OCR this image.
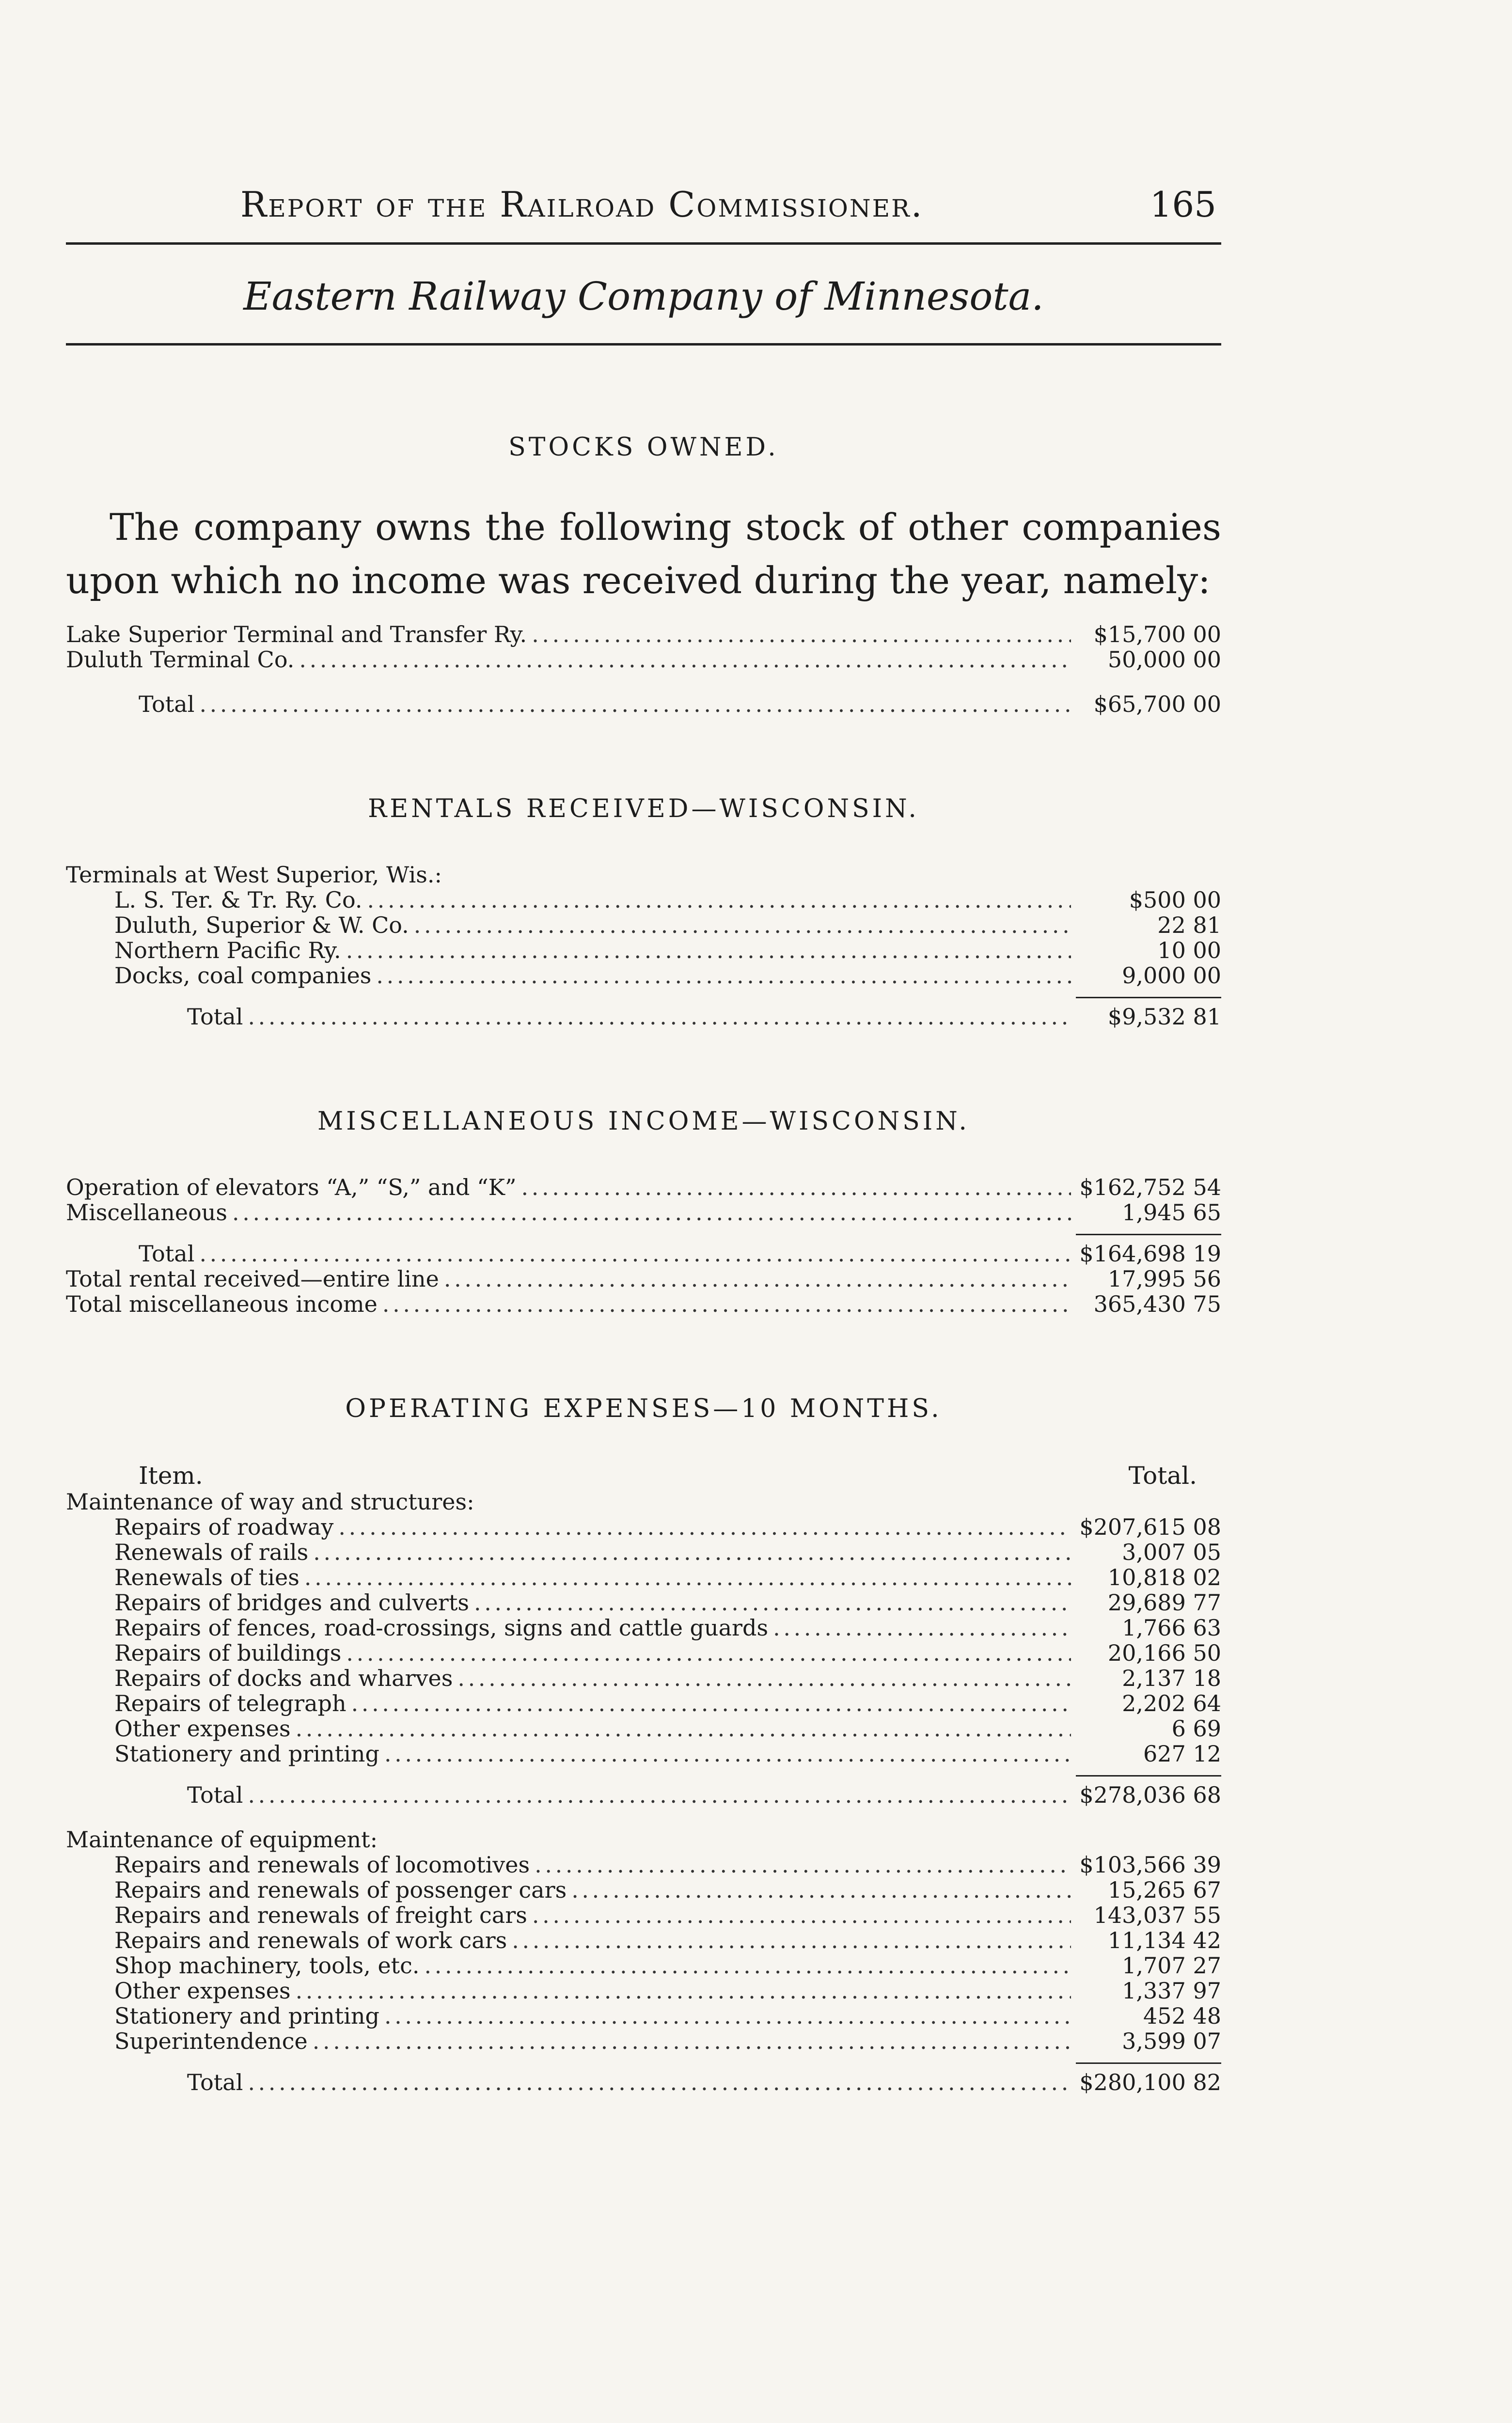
Report of the Railroad Commissioner.	165
Eastern Railway Company of Minnesota.
STOCKS OWNED.

The company owns the following stock of other companies upon which no income was received during the year, namely:

Lake Superior Terminal and Transfer Ry. . . .	$15,700 00
Duluth Terminal Co. . . .	50,000 00
Total . . .	$65,700 00
RENTALS RECEIVED—WISCONSIN.
Terminals at West Superior, Wis.:
L. S. Ter. & Tr. Ry. Co. . . .	$500 00
Duluth, Superior & W. Co. . . .	22 81
Northern Pacific Ry. . . .	10 00
Docks, coal companies . . .	9,000 00
Total . . .	$9,532 81
MISCELLANEOUS INCOME—WISCONSIN.
Operation of elevators “A,” “S,” and “K” . . .	$162,752 54
Miscellaneous . . .	1,945 65
Total . . .	$164,698 19
Total rental received—entire line . . .	17,995 56
Total miscellaneous income . . .	365,430 75
OPERATING EXPENSES—10 MONTHS.
Item.	Total.
Maintenance of way and structures:
Repairs of roadway . . .	$207,615 08
Renewals of rails . . .	3,007 05
Renewals of ties . . .	10,818 02
Repairs of bridges and culverts . . .	29,689 77
Repairs of fences, road-crossings, signs and cattle guards . . .	1,766 63
Repairs of buildings . . .	20,166 50
Repairs of docks and wharves . . .	2,137 18
Repairs of telegraph . . .	2,202 64
Other expenses . . .	6 69
Stationery and printing . . .	627 12
Total . . .	$278,036 68
Maintenance of equipment:
Repairs and renewals of locomotives . . .	$103,566 39
Repairs and renewals of possenger cars . . .	15,265 67
Repairs and renewals of freight cars . . .	143,037 55
Repairs and renewals of work cars . . .	11,134 42
Shop machinery, tools, etc. . . .	1,707 27
Other expenses . . .	1,337 97
Stationery and printing . . .	452 48
Superintendence . . .	3,599 07
Total . . .	$280,100 82
